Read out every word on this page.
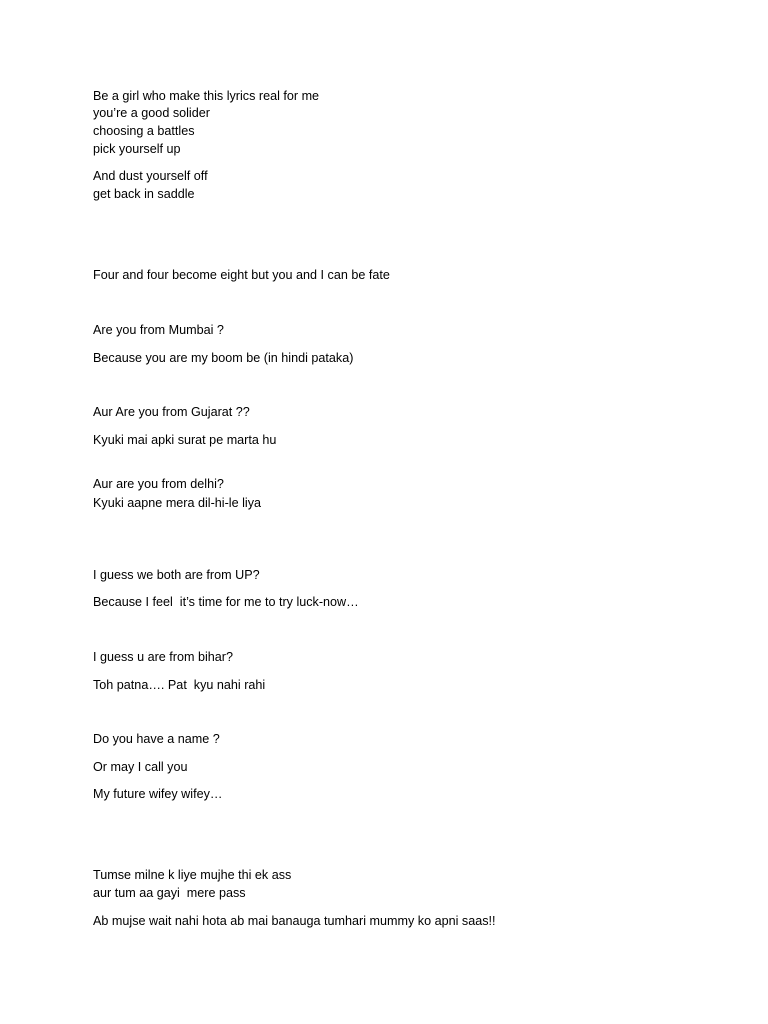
Be a girl who make this lyrics real for me

you’re a good solider

choosing a battles

pick yourself up

And dust yourself off

get back in saddle

Four and four become eight but you and I can be fate

Are you from Mumbai ?

Because you are my boom be (in hindi pataka)

Aur Are you from Gujarat ??

Kyuki mai apki surat pe marta hu

Aur are you from delhi?

Kyuki aapne mera dil-hi-le liya

I guess we both are from UP?

Because I feel  it’s time for me to try luck-now…

I guess u are from bihar?

Toh patna…. Pat  kyu nahi rahi

Do you have a name ?

Or may I call you

My future wifey wifey…

Tumse milne k liye mujhe thi ek ass

aur tum aa gayi  mere pass

Ab mujse wait nahi hota ab mai banauga tumhari mummy ko apni saas!!
